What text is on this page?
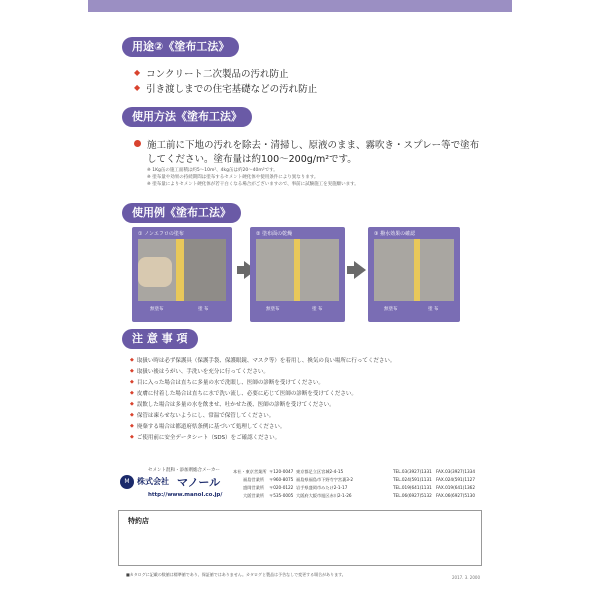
用途②《塗布工法》
◆ コンクリート二次製品の汚れ防止
◆ 引き渡しまでの住宅基礎などの汚れ防止
使用方法《塗布工法》
施工前に下地の汚れを除去・清掃し、原液のまま、霧吹き・スプレー等で塗布
してください。塗布量は約100〜200g/m²です。
※ 1Kg缶の施工面積は約5〜10m²、4kg缶は約20〜40m²です。
※ 塗布量や効果の持続期間は塗布するセメント硬化体や使用条件により異なります。
※ 塗布量によりセメント硬化体が若干白くなる場合がございますので、事前に試験施工を実施願います。
使用例《塗布工法》
① ノンエフロの塗布
無塗布	塗 布
② 塗布面の乾燥
無塗布	塗 布
③ 撥水効果の確認
無塗布	塗 布
注 意 事 項
◆ 取扱い時は必ず保護具（保護手袋、保護眼鏡、マスク等）を着用し、換気の良い場所に行ってください。
◆ 取扱い後はうがい、手洗いを充分に行ってください。
◆ 目に入った場合は直ちに多量の水で洗眼し、医師の診断を受けてください。
◆ 皮膚に付着した場合は直ちに水で洗い流し、必要に応じて医師の診断を受けてください。
◆ 誤飲した場合は多量の水を飲ませ、吐かせた後、医師の診断を受けてください。
◆ 保管は凍らせないようにし、常温で保管してください。
◆ 廃棄する場合は都道府県条例に基づいて処理してください。
◆ ご使用前に安全データシート（SDS）をご確認ください。
セメント混和・添加剤総合メーカー
M 株式会社 マノール
http://www.manol.co.jp/
本社・東京営業所 〒120-0047 東京都足立区宮城2-4-15	TEL.03(3927)1331 FAX.03(3927)1334
福島営業所 〒960-8075 福島県福島市下野寺字宮裏3-2	TEL.024(591)1131 FAX.024(591)1127
盛岡営業所 〒020-0122 岩手県盛岡市みたけ2-1-17	TEL.019(641)1131 FAX.019(641)1362
大阪営業所 〒535-0005 大阪府大阪市旭区赤川2-1-26	TEL.06(6927)5132 FAX.06(6927)5130
特約店
■カタログに記載の数値は標準値であり、保証値ではありません。カタログと製品は予告なしで変更する場合があります。
2017. 3. 2000
